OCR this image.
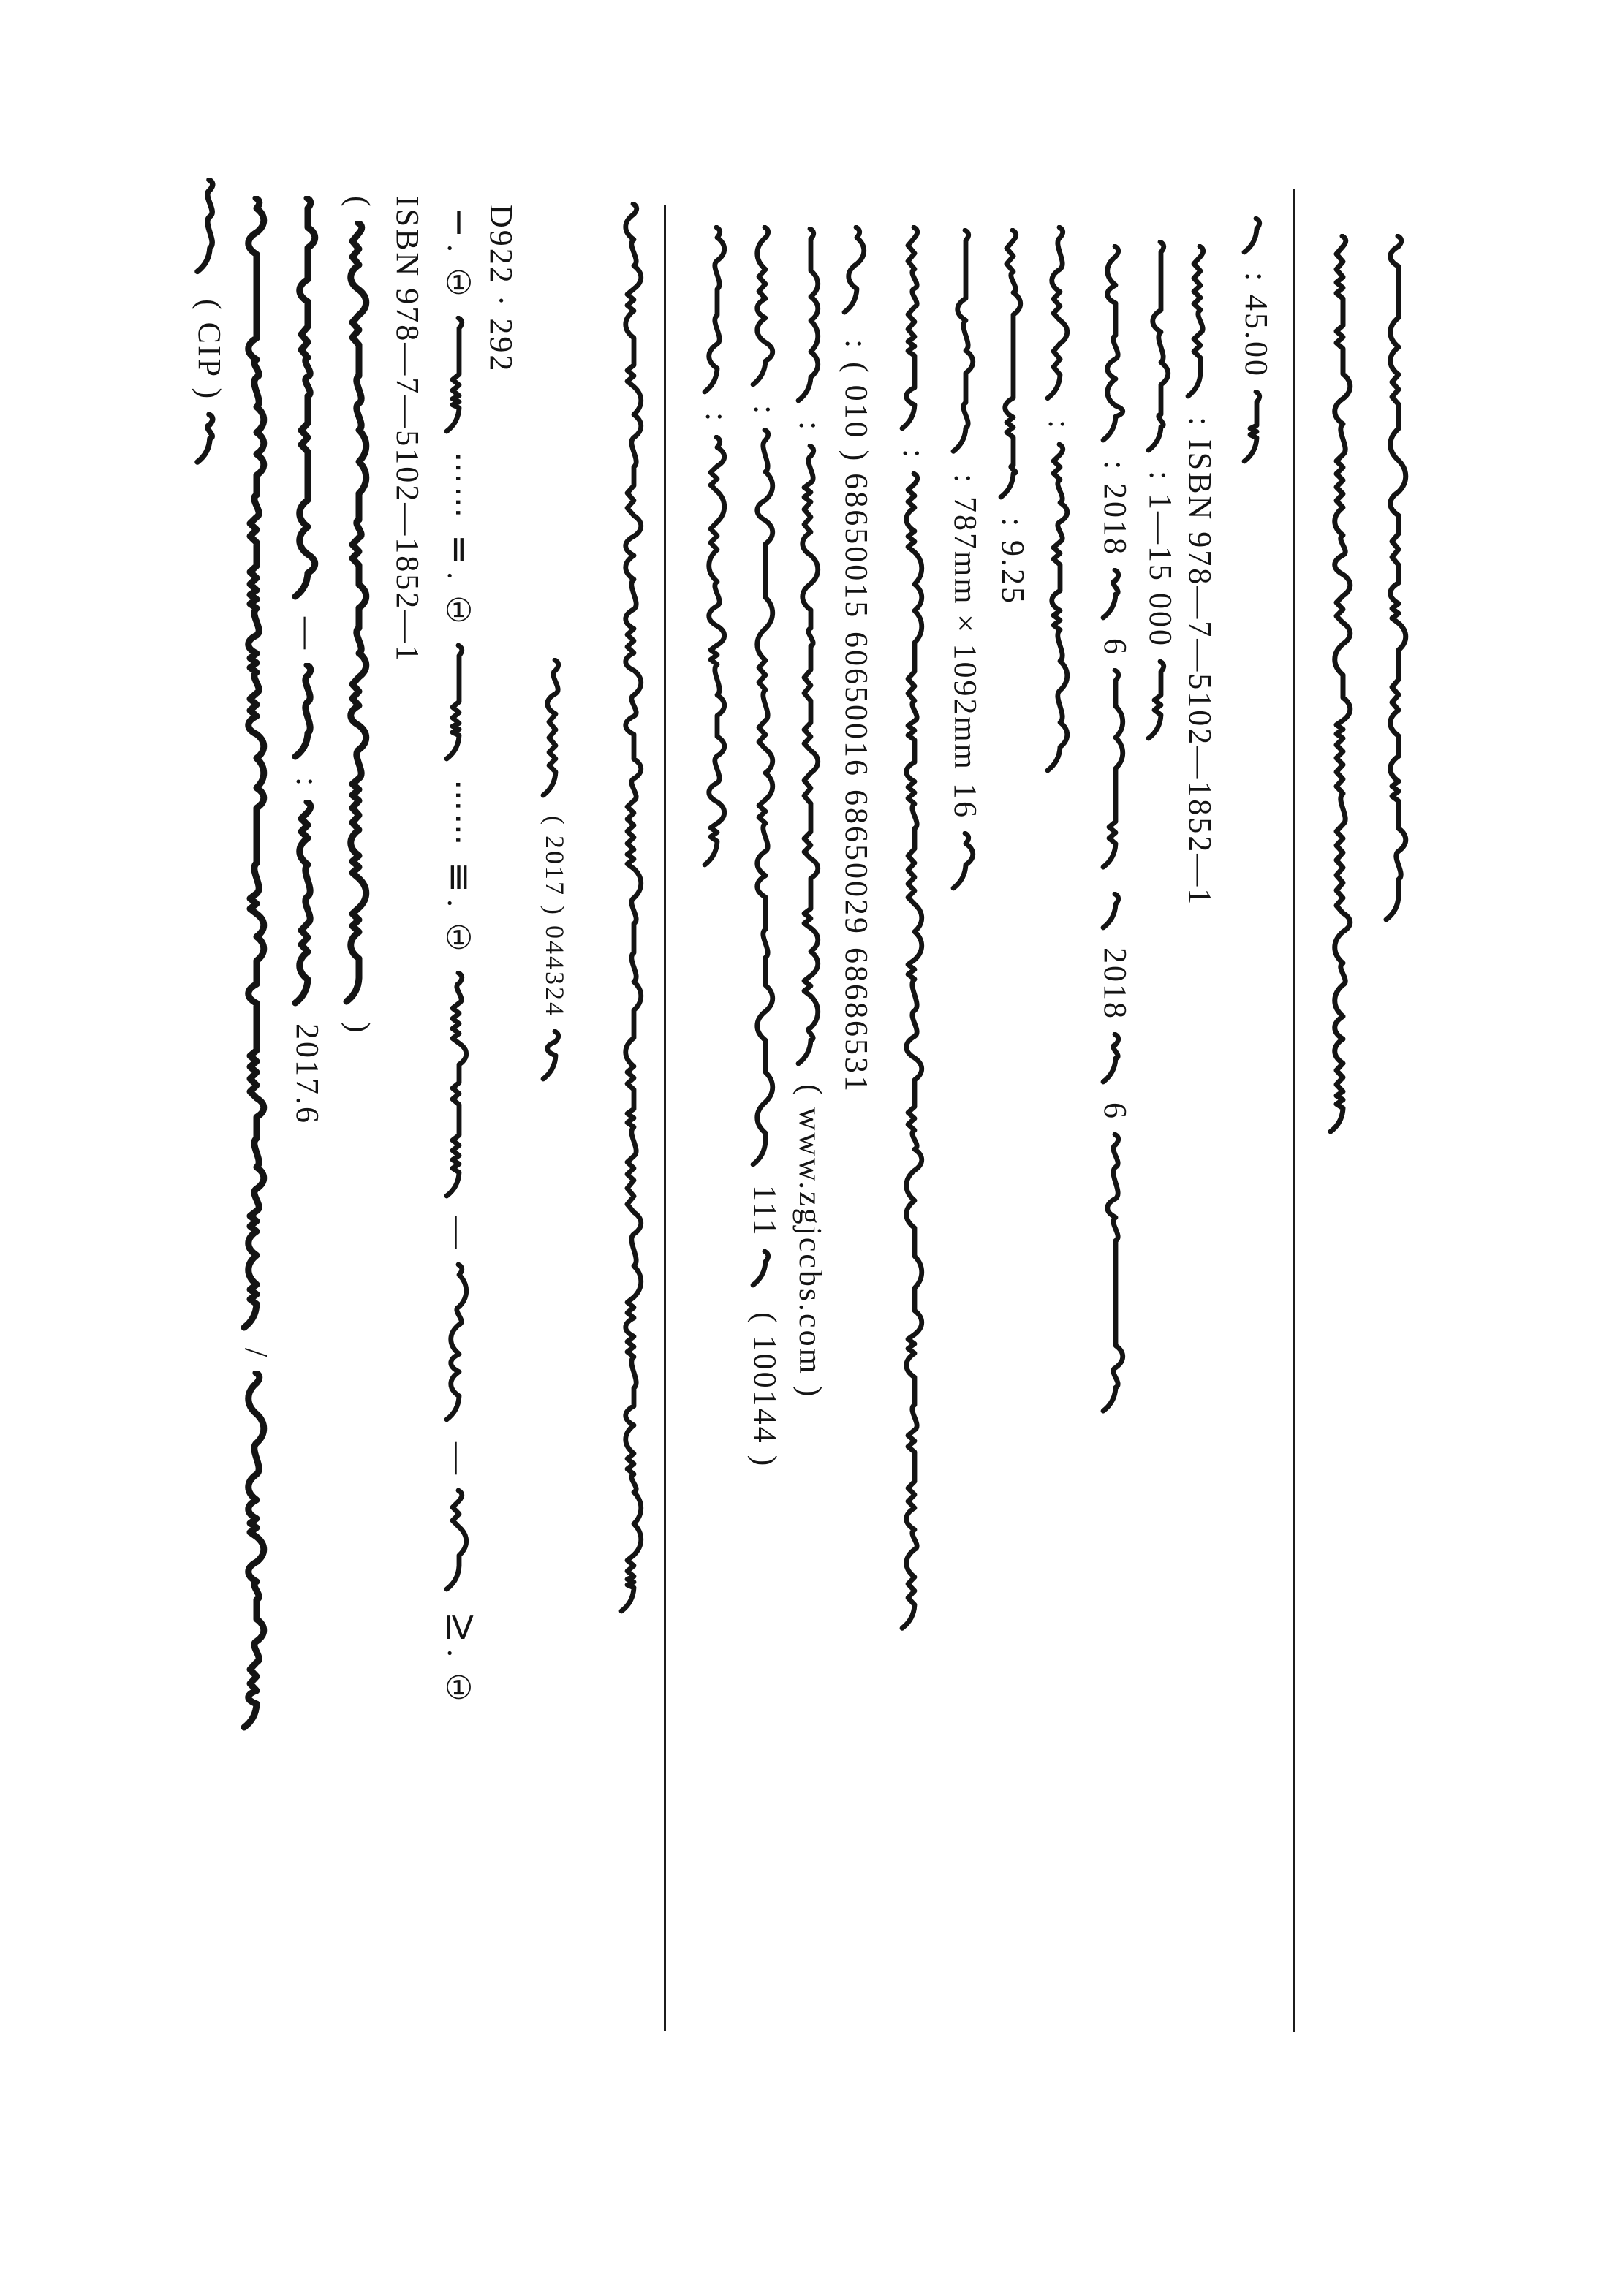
( CIP )
/
—
:
2017.6
(
)
ISBN 978—7—5102—1852—1 Ⅰ. ①
⋯⋯
Ⅱ. ①
⋯⋯
Ⅲ. ①
—
—
Ⅳ. ①
D922 · 292
( 2017 ) 044324
:
:
111
( 100144 )
:
( www.zgjccbs.com )
:
( 010 ) 68650015
60650016
68650029
68686531
:
:
787mm×1092mm
16
:
9.25
:
:
2018
6
2018
6
:
1—15 000
:
ISBN 978—7—5102—1852—1
:
45.00
